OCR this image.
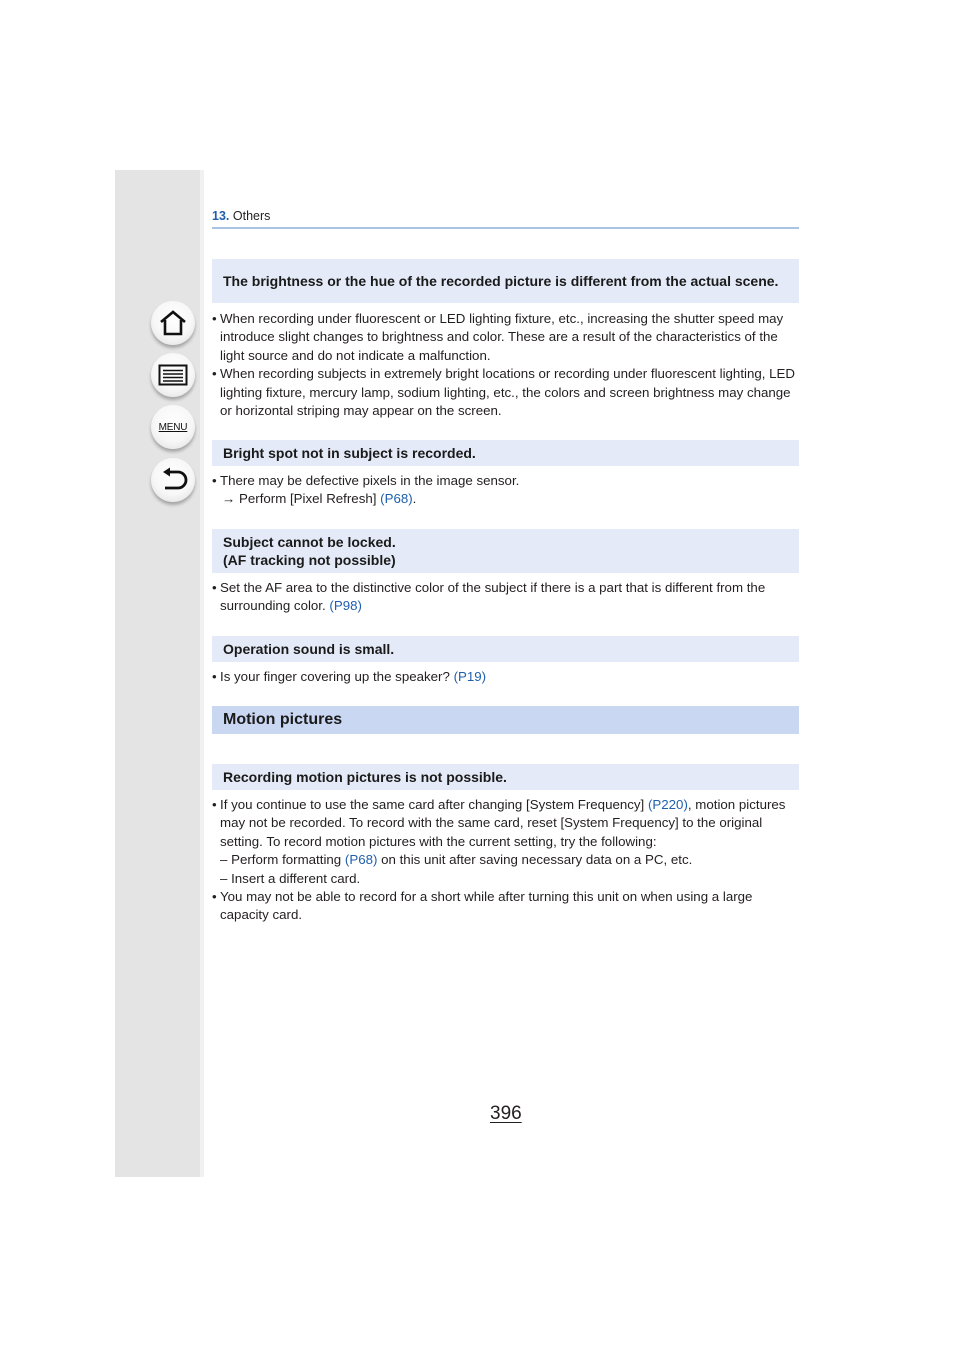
MENU
13. Others
The brightness or the hue of the recorded picture is different from the actual scene.
• When recording under fluorescent or LED lighting fixture, etc., increasing the shutter speed may introduce slight changes to brightness and color. These are a result of the characteristics of the light source and do not indicate a malfunction.
• When recording subjects in extremely bright locations or recording under fluorescent lighting, LED lighting fixture, mercury lamp, sodium lighting, etc., the colors and screen brightness may change or horizontal striping may appear on the screen.
Bright spot not in subject is recorded.
• There may be defective pixels in the image sensor.
→ Perform [Pixel Refresh] (P68).
Subject cannot be locked.
(AF tracking not possible)
• Set the AF area to the distinctive color of the subject if there is a part that is different from the surrounding color. (P98)
Operation sound is small.
• Is your finger covering up the speaker? (P19)
Motion pictures
Recording motion pictures is not possible.
• If you continue to use the same card after changing [System Frequency] (P220), motion pictures may not be recorded. To record with the same card, reset [System Frequency] to the original setting. To record motion pictures with the current setting, try the following:
– Perform formatting (P68) on this unit after saving necessary data on a PC, etc.
– Insert a different card.
• You may not be able to record for a short while after turning this unit on when using a large capacity card.
396
